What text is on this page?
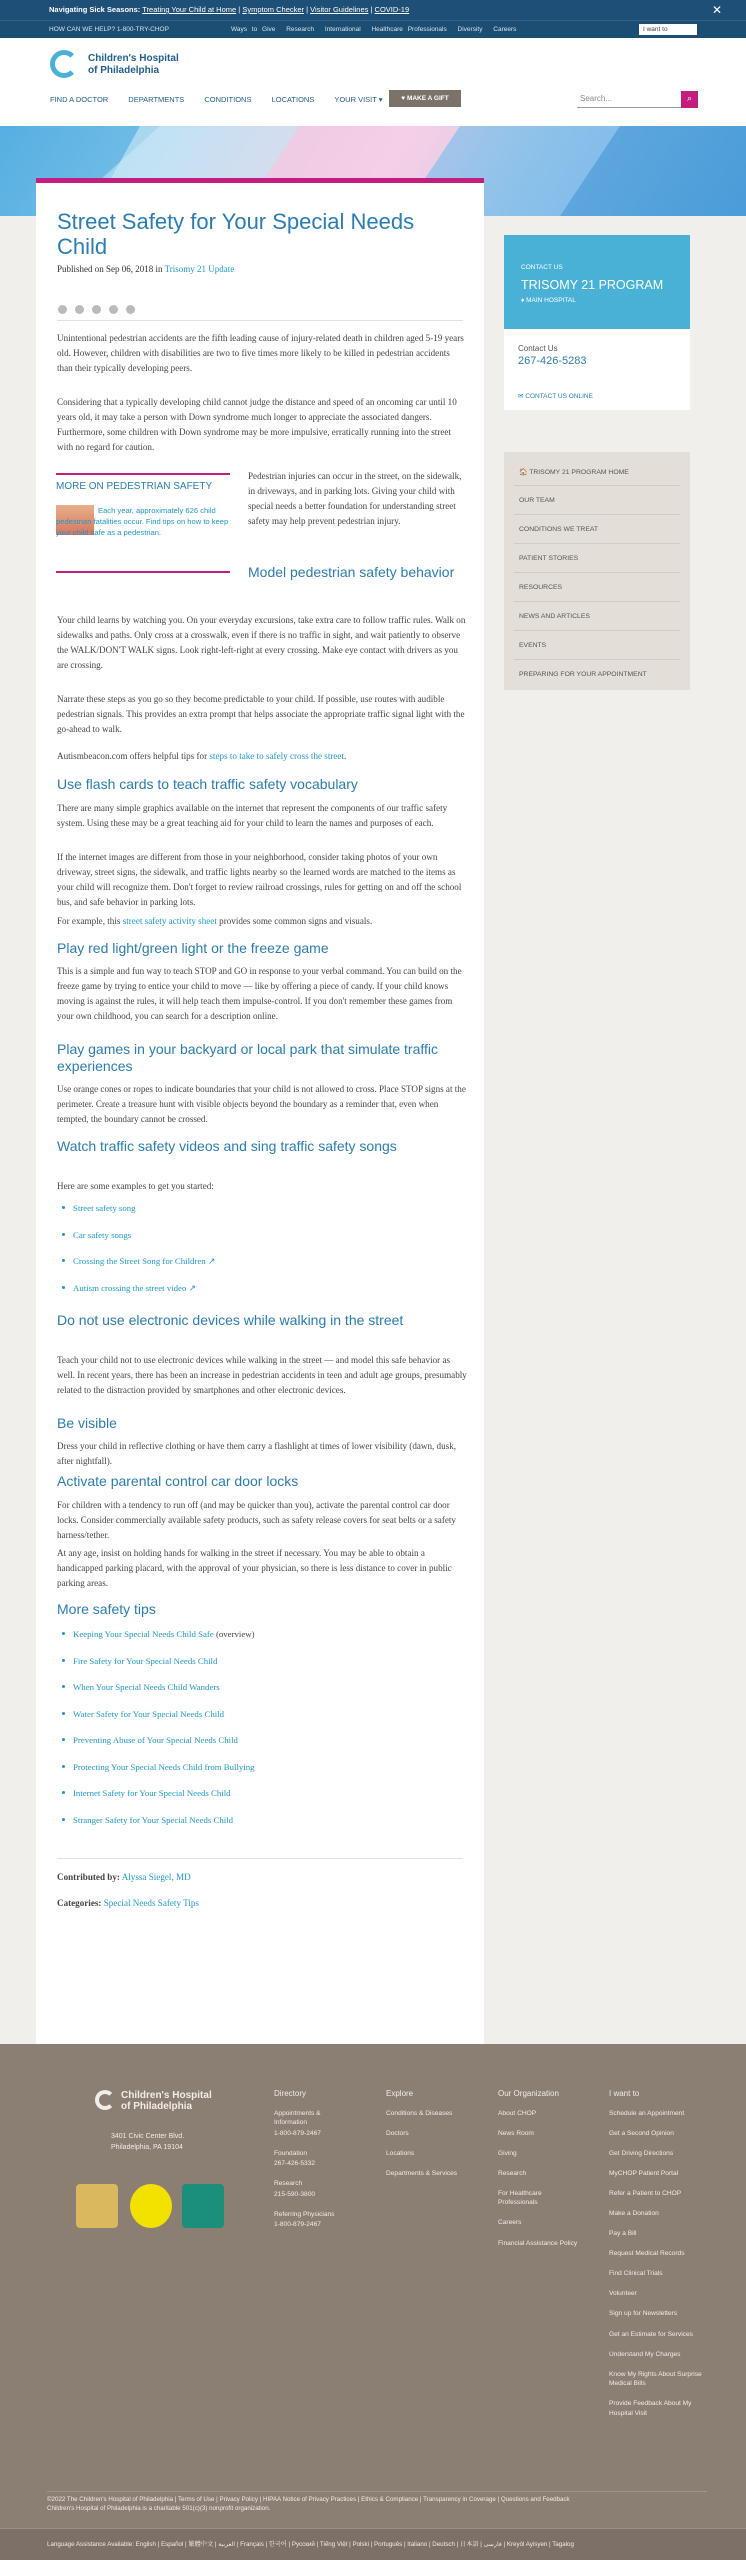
Navigating Sick Seasons: Treating Your Child at Home | Symptom Checker | Visitor Guidelines | COVID-19	✕
HOW CAN WE HELP? 1-800-TRY-CHOP	Ways to Give Research International Healthcare Professionals Diversity Careers	I want to
Children's Hospital
of Philadelphia
FIND A DOCTOR	DEPARTMENTS	CONDITIONS	LOCATIONS	YOUR VISIT ▾	♥ MAKE A GIFT	Search...	⌕
Street Safety for Your Special Needs Child
Published on Sep 06, 2018 in Trisomy 21 Update

Unintentional pedestrian accidents are the fifth leading cause of injury-related death in children aged 5-19 years old. However, children with disabilities are two to five times more likely to be killed in pedestrian accidents than their typically developing peers.

Considering that a typically developing child cannot judge the distance and speed of an oncoming car until 10 years old, it may take a person with Down syndrome much longer to appreciate the associated dangers. Furthermore, some children with Down syndrome may be more impulsive, erratically running into the street with no regard for caution.

MORE ON PEDESTRIAN SAFETY
Each year, approximately 626 child pedestrian fatalities occur. Find tips on how to keep your child safe as a pedestrian.

Pedestrian injuries can occur in the street, on the sidewalk, in driveways, and in parking lots. Giving your child with special needs a better foundation for understanding street safety may help prevent pedestrian injury.

Model pedestrian safety behavior

Your child learns by watching you. On your everyday excursions, take extra care to follow traffic rules. Walk on sidewalks and paths. Only cross at a crosswalk, even if there is no traffic in sight, and wait patiently to observe the WALK/DON'T WALK signs. Look right-left-right at every crossing. Make eye contact with drivers as you are crossing.

Narrate these steps as you go so they become predictable to your child. If possible, use routes with audible pedestrian signals. This provides an extra prompt that helps associate the appropriate traffic signal light with the go-ahead to walk.

Autismbeacon.com offers helpful tips for steps to take to safely cross the street.

Use flash cards to teach traffic safety vocabulary

There are many simple graphics available on the internet that represent the components of our traffic safety system. Using these may be a great teaching aid for your child to learn the names and purposes of each.

If the internet images are different from those in your neighborhood, consider taking photos of your own driveway, street signs, the sidewalk, and traffic lights nearby so the learned words are matched to the items as your child will recognize them. Don't forget to review railroad crossings, rules for getting on and off the school bus, and safe behavior in parking lots.

For example, this street safety activity sheet provides some common signs and visuals.

Play red light/green light or the freeze game

This is a simple and fun way to teach STOP and GO in response to your verbal command. You can build on the freeze game by trying to entice your child to move — like by offering a piece of candy. If your child knows moving is against the rules, it will help teach them impulse-control. If you don't remember these games from your own childhood, you can search for a description online.

Play games in your backyard or local park that simulate traffic experiences

Use orange cones or ropes to indicate boundaries that your child is not allowed to cross. Place STOP signs at the perimeter. Create a treasure hunt with visible objects beyond the boundary as a reminder that, even when tempted, the boundary cannot be crossed.

Watch traffic safety videos and sing traffic safety songs

Here are some examples to get you started:

Street safety song
Car safety songs
Crossing the Street Song for Children ↗
Autism crossing the street video ↗
Do not use electronic devices while walking in the street

Teach your child not to use electronic devices while walking in the street — and model this safe behavior as well. In recent years, there has been an increase in pedestrian accidents in teen and adult age groups, presumably related to the distraction provided by smartphones and other electronic devices.

Be visible

Dress your child in reflective clothing or have them carry a flashlight at times of lower visibility (dawn, dusk, after nightfall).

Activate parental control car door locks

For children with a tendency to run off (and may be quicker than you), activate the parental control car door locks. Consider commercially available safety products, such as safety release covers for seat belts or a safety harness/tether.

At any age, insist on holding hands for walking in the street if necessary. You may be able to obtain a handicapped parking placard, with the approval of your physician, so there is less distance to cover in public parking areas.

More safety tips
Keeping Your Special Needs Child Safe (overview)
Fire Safety for Your Special Needs Child
When Your Special Needs Child Wanders
Water Safety for Your Special Needs Child
Preventing Abuse of Your Special Needs Child
Protecting Your Special Needs Child from Bullying
Internet Safety for Your Special Needs Child
Stranger Safety for Your Special Needs Child

Contributed by: Alyssa Siegel, MD

Categories: Special Needs Safety Tips

CONTACT US
TRISOMY 21 PROGRAM
♦ MAIN HOSPITAL
Contact Us
267-426-5283
✉ CONTACT US ONLINE
🏠 TRISOMY 21 PROGRAM HOME
OUR TEAM
CONDITIONS WE TREAT
PATIENT STORIES
RESOURCES
NEWS AND ARTICLES
EVENTS
PREPARING FOR YOUR APPOINTMENT
Children's Hospital
of Philadelphia
3401 Civic Center Blvd.
Philadelphia, PA 19104
Directory
Appointments & Information
1-800-879-2467
Foundation
267-426-5332
Research
215-590-3800
Referring Physicians
1-800-879-2467
Explore
Conditions & Diseases
Doctors
Locations
Departments & Services
Our Organization
About CHOP
News Room
Giving
Research
For Healthcare Professionals
Careers
Financial Assistance Policy
I want to
Schedule an Appointment
Get a Second Opinion
Get Driving Directions
MyCHOP Patient Portal
Refer a Patient to CHOP
Make a Donation
Pay a Bill
Request Medical Records
Find Clinical Trials
Volunteer
Sign up for Newsletters
Get an Estimate for Services
Understand My Charges
Know My Rights About Surprise Medical Bills
Provide Feedback About My Hospital Visit
©2022 The Children's Hospital of Philadelphia | Terms of Use | Privacy Policy | HIPAA Notice of Privacy Practices | Ethics & Compliance | Transparency in Coverage | Questions and Feedback
Children's Hospital of Philadelphia is a charitable 501(c)(3) nonprofit organization.
Language Assistance Available: English | Español | 繁體中文 | العربية | Français | 한국어 | Русский | Tiếng Việt | Polski | Português | Italiano | Deutsch | 日本語 | فارسی | Kreyòl Ayisyen | Tagalog
